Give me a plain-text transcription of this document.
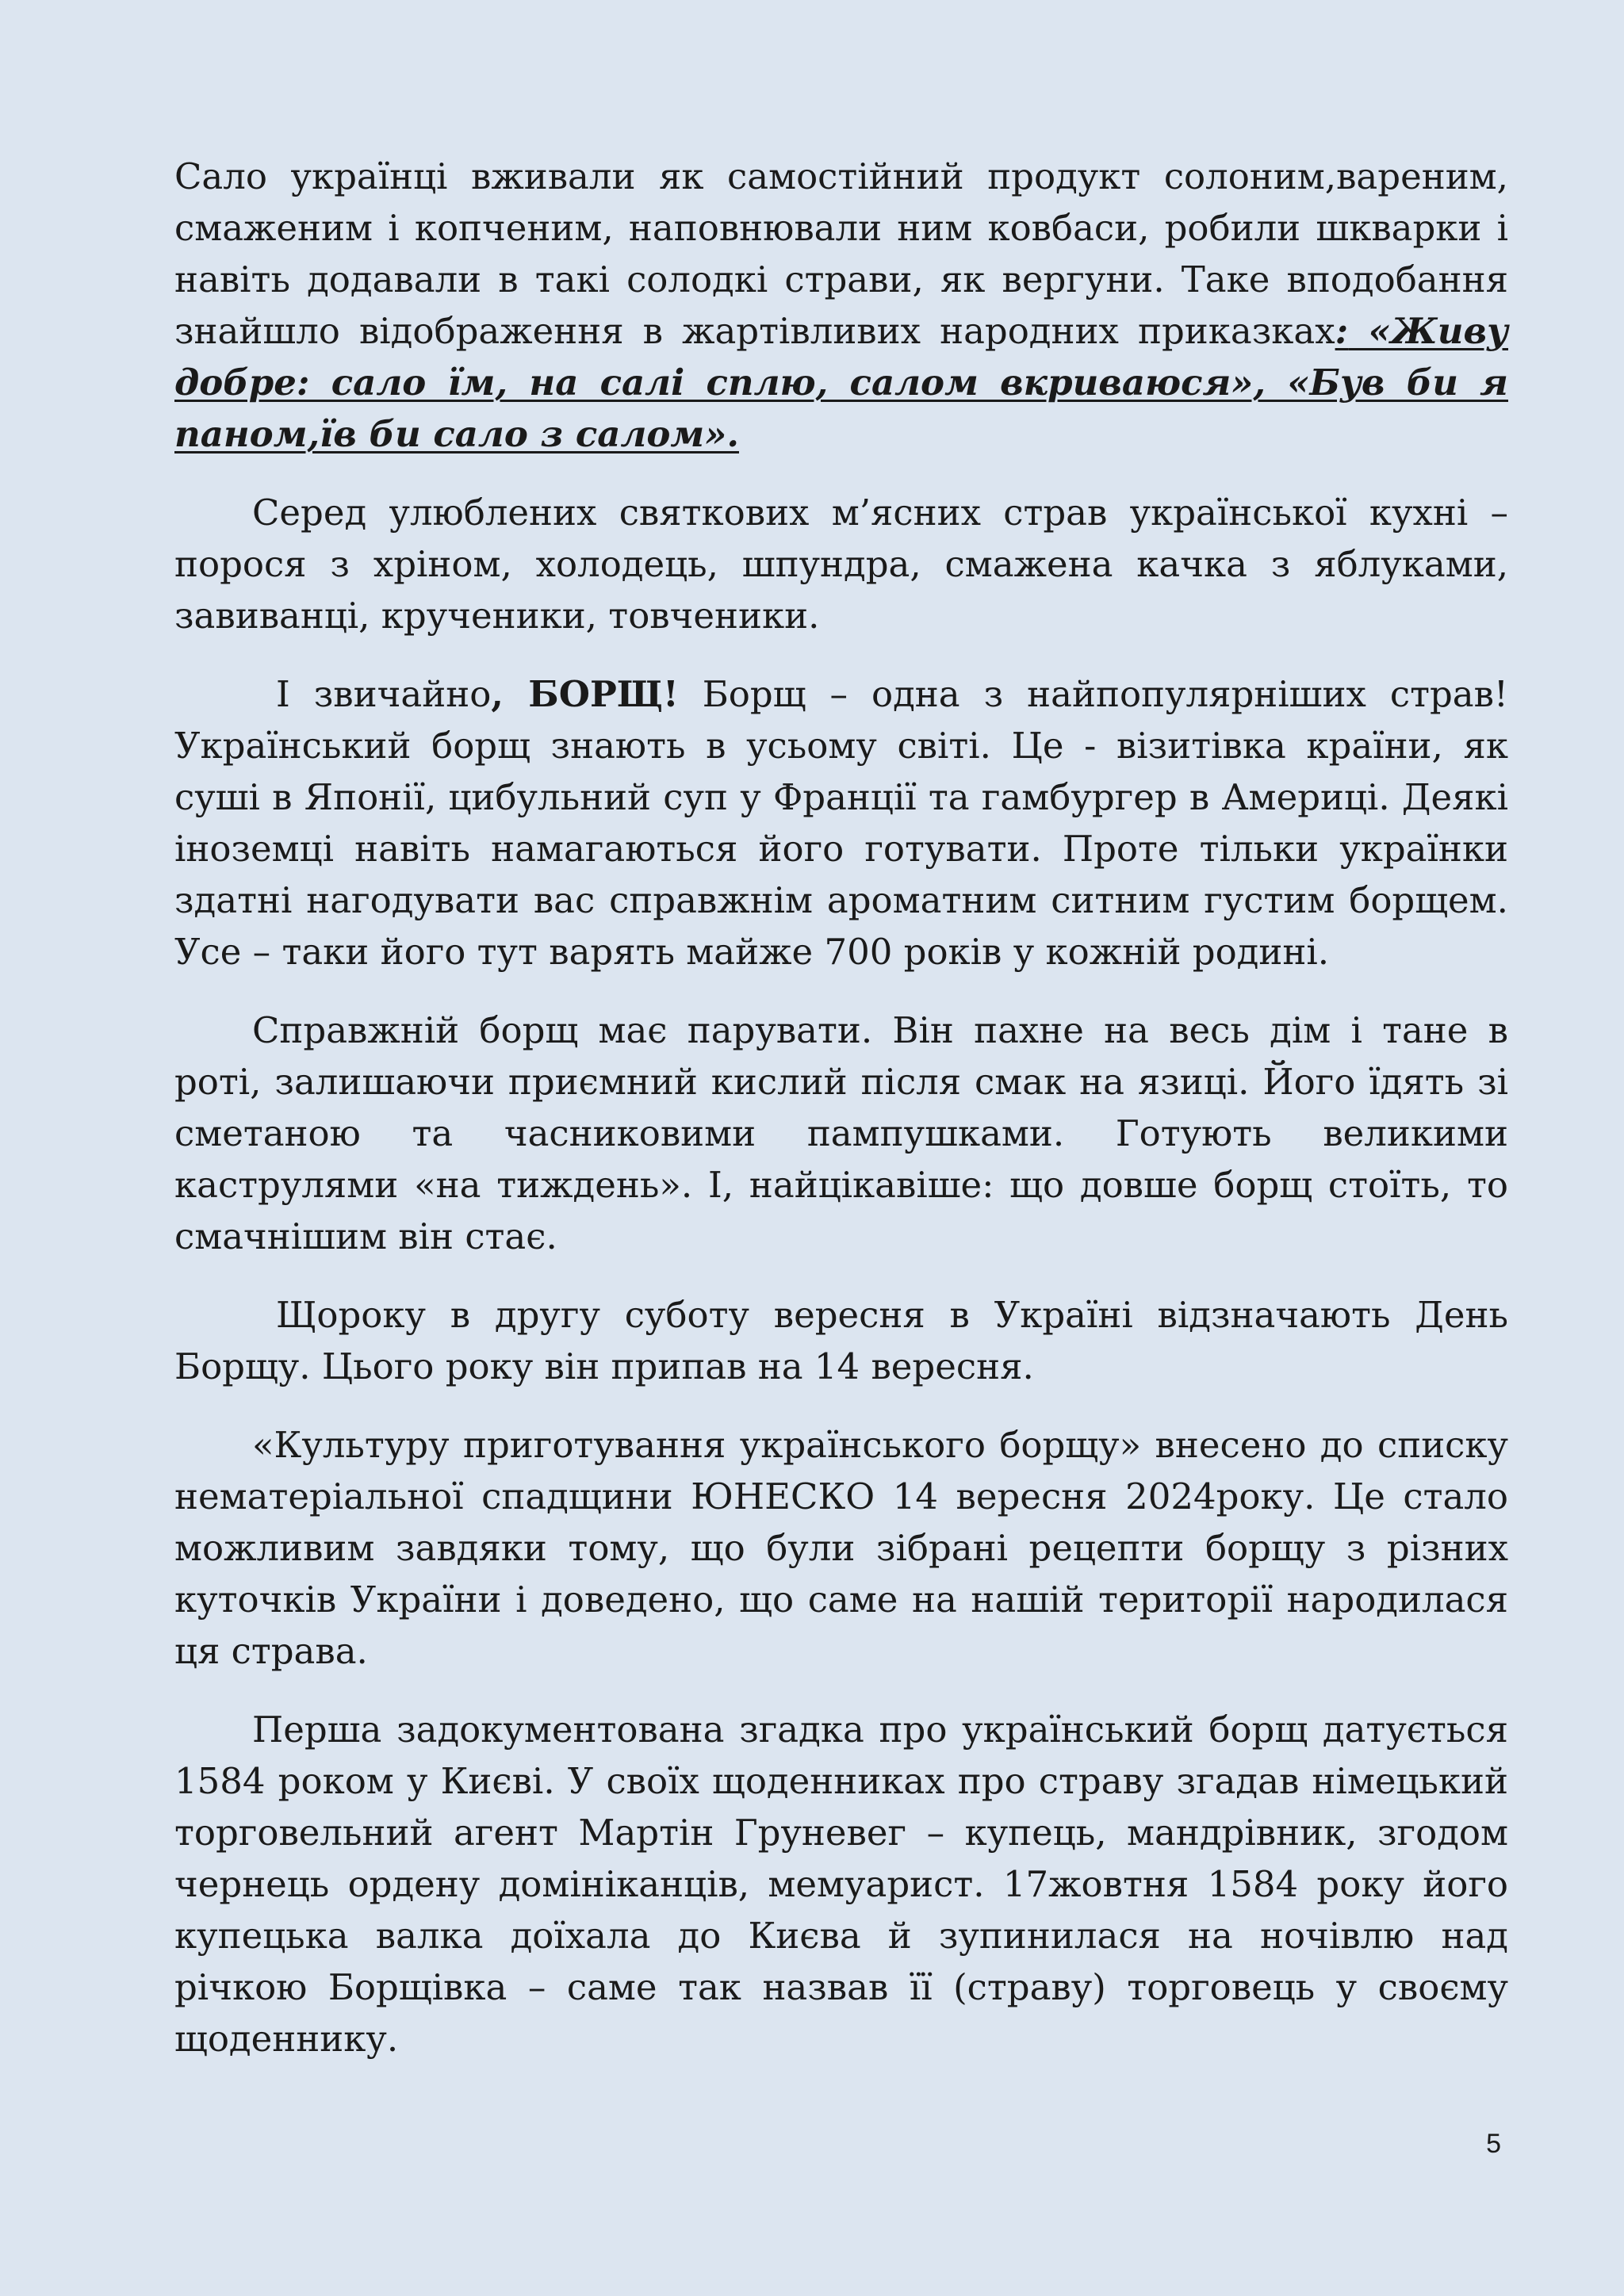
Сало українці вживали як самостійний продукт солоним,вареним, смаженим і копченим, наповнювали ним ковбаси, робили шкварки і навіть додавали в такі солодкі страви, як вергуни. Таке вподобання знайшло відображення в жартівливих народних приказках: «Живу добре: сало їм, на салі сплю, салом вкриваюся», «Був би я паном,їв би сало з салом».

Серед улюблених святкових м’ясних страв української кухні – порося з хріном, холодець, шпундра, смажена качка з яблуками, завиванці, крученики, товченики.

І звичайно, БОРЩ! Борщ – одна з найпопулярніших страв! Український борщ знають в усьому світі. Це - візитівка країни, як суші в Японії, цибульний суп у Франції та гамбургер в Америці. Деякі іноземці навіть намагаються його готувати. Проте тільки українки здатні нагодувати вас справжнім ароматним ситним густим борщем. Усе – таки його тут варять майже 700 років у кожній родині.

Справжній борщ має парувати. Він пахне на весь дім і тане в роті, залишаючи приємний кислий після смак на язиці. Його їдять зі сметаною та часниковими пампушками. Готують великими каструлями «на тиждень». І, найцікавіше: що довше борщ стоїть, то смачнішим він стає.

Щороку в другу суботу вересня в Україні відзначають День Борщу. Цього року він припав на 14 вересня.

«Культуру приготування українського борщу» внесено до списку нематеріальної спадщини ЮНЕСКО 14 вересня 2024року. Це стало можливим завдяки тому, що були зібрані рецепти борщу з різних куточків України і доведено, що саме на нашій території народилася ця страва.

Перша задокументована згадка про український борщ датується 1584 роком у Києві. У своїх щоденниках про страву згадав німецький торговельний агент Мартін Груневег – купець, мандрівник, згодом чернець ордену домініканців, мемуарист. 17жовтня 1584 року його купецька валка доїхала до Києва й зупинилася на ночівлю над річкою Борщівка – саме так назвав її (страву) торговець у своєму щоденнику.

5
